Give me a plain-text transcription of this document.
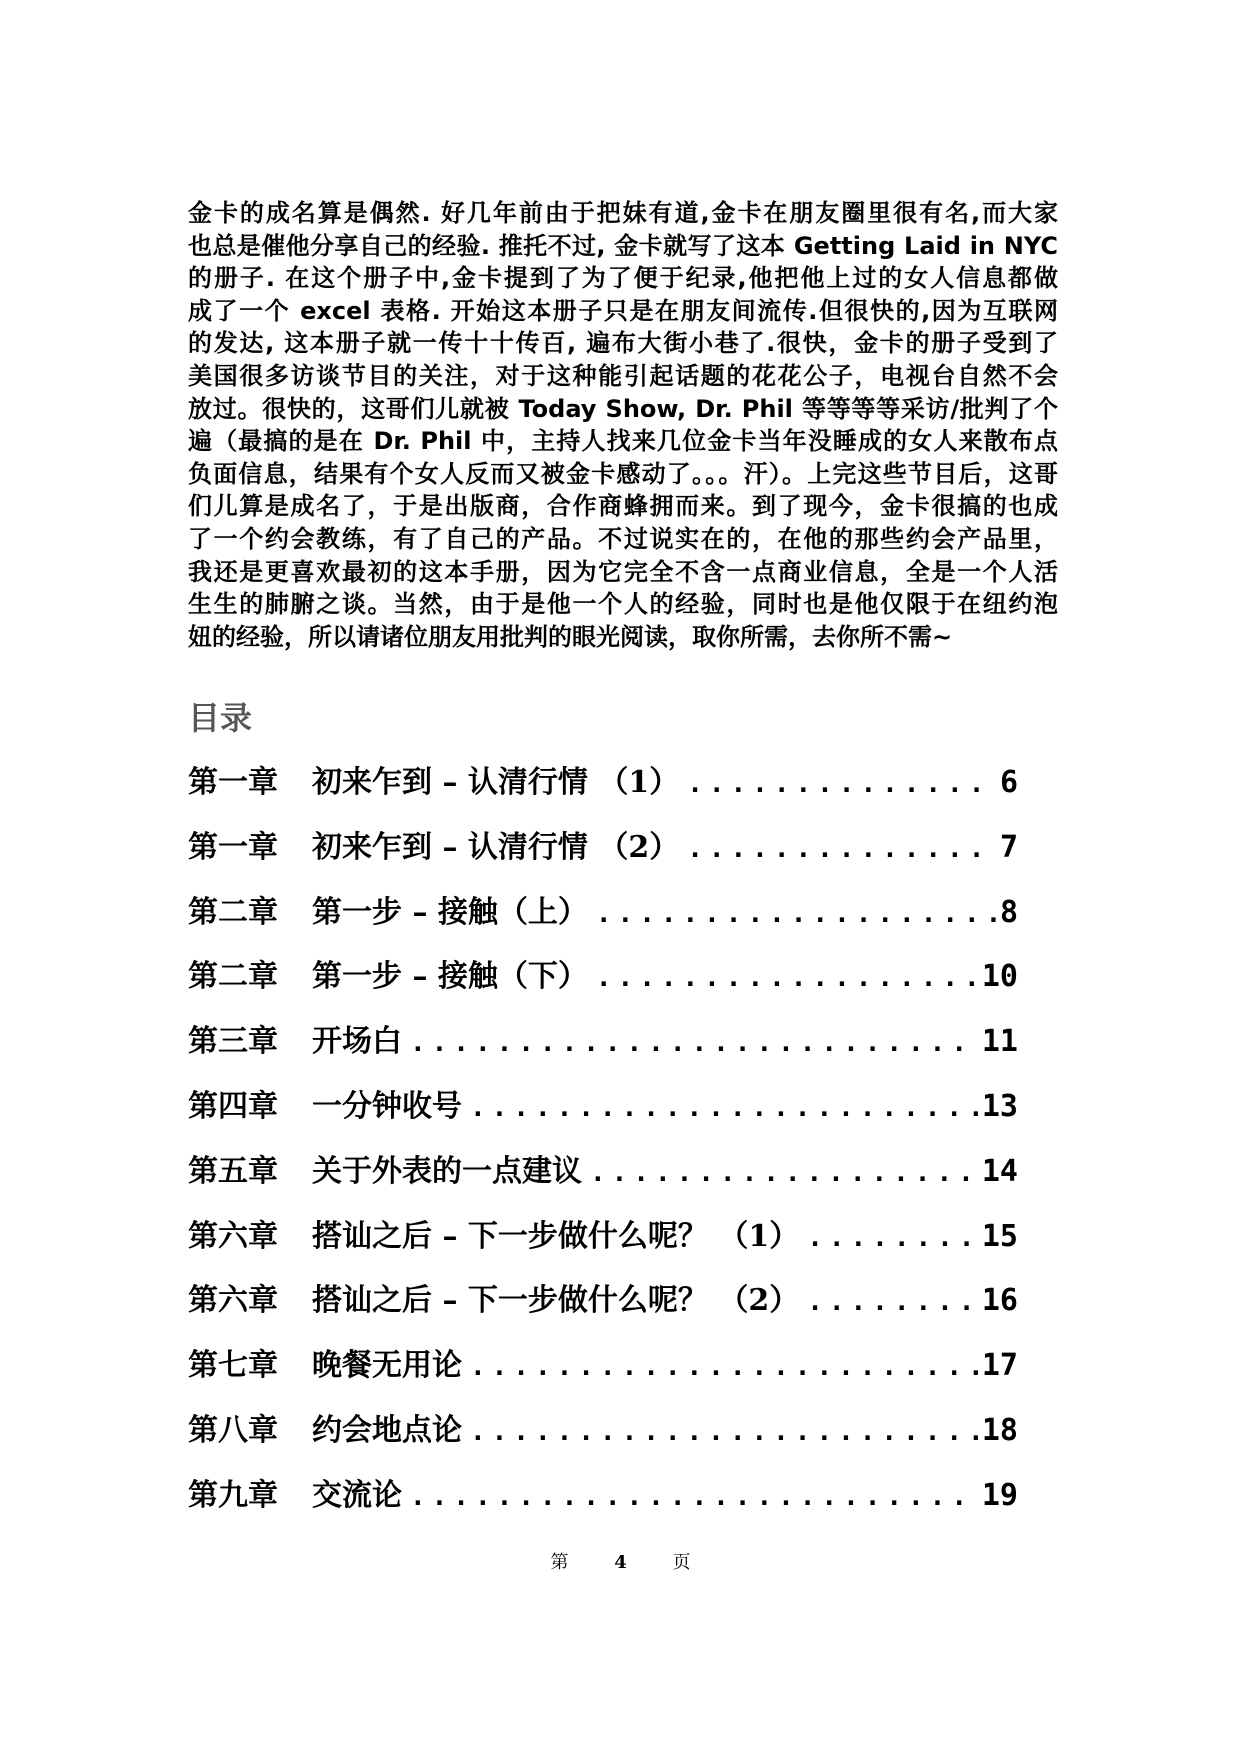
金卡的成名算是偶然. 好几年前由于把妹有道,金卡在朋友圈里很有名,而大家
也总是催他分享自己的经验. 推托不过, 金卡就写了这本 Getting Laid in NYC
的册子. 在这个册子中,金卡提到了为了便于纪录,他把他上过的女人信息都做
成了一个 excel 表格. 开始这本册子只是在朋友间流传.但很快的,因为互联网
的发达, 这本册子就一传十十传百, 遍布大街小巷了.很快，金卡的册子受到了
美国很多访谈节目的关注，对于这种能引起话题的花花公子，电视台自然不会
放过。很快的，这哥们儿就被 Today Show, Dr. Phil 等等等等采访/批判了个
遍（最搞的是在 Dr. Phil 中，主持人找来几位金卡当年没睡成的女人来散布点
负面信息，结果有个女人反而又被金卡感动了。。。汗）。上完这些节目后，这哥
们儿算是成名了，于是出版商，合作商蜂拥而来。到了现今，金卡很搞的也成
了一个约会教练，有了自己的产品。不过说实在的，在他的那些约会产品里，
我还是更喜欢最初的这本手册，因为它完全不含一点商业信息，全是一个人活
生生的肺腑之谈。当然，由于是他一个人的经验，同时也是他仅限于在纽约泡
妞的经验，所以请诸位朋友用批判的眼光阅读，取你所需，去你所不需~
目录
第一章	初来乍到 – 认清行情 （1） .....	6
第一章	初来乍到 – 认清行情 （2） .....	7
第二章	第一步 – 接触（上） .....	8
第二章	第一步 – 接触（下） .....	10
第三章	开场白 .....	11
第四章	一分钟收号 .....	13
第五章	关于外表的一点建议 .....	14
第六章	搭讪之后 – 下一步做什么呢？ （1） .....	15
第六章	搭讪之后 – 下一步做什么呢？ （2） .....	16
第七章	晚餐无用论 .....	17
第八章	约会地点论 .....	18
第九章	交流论 .....	19
第	4	页
